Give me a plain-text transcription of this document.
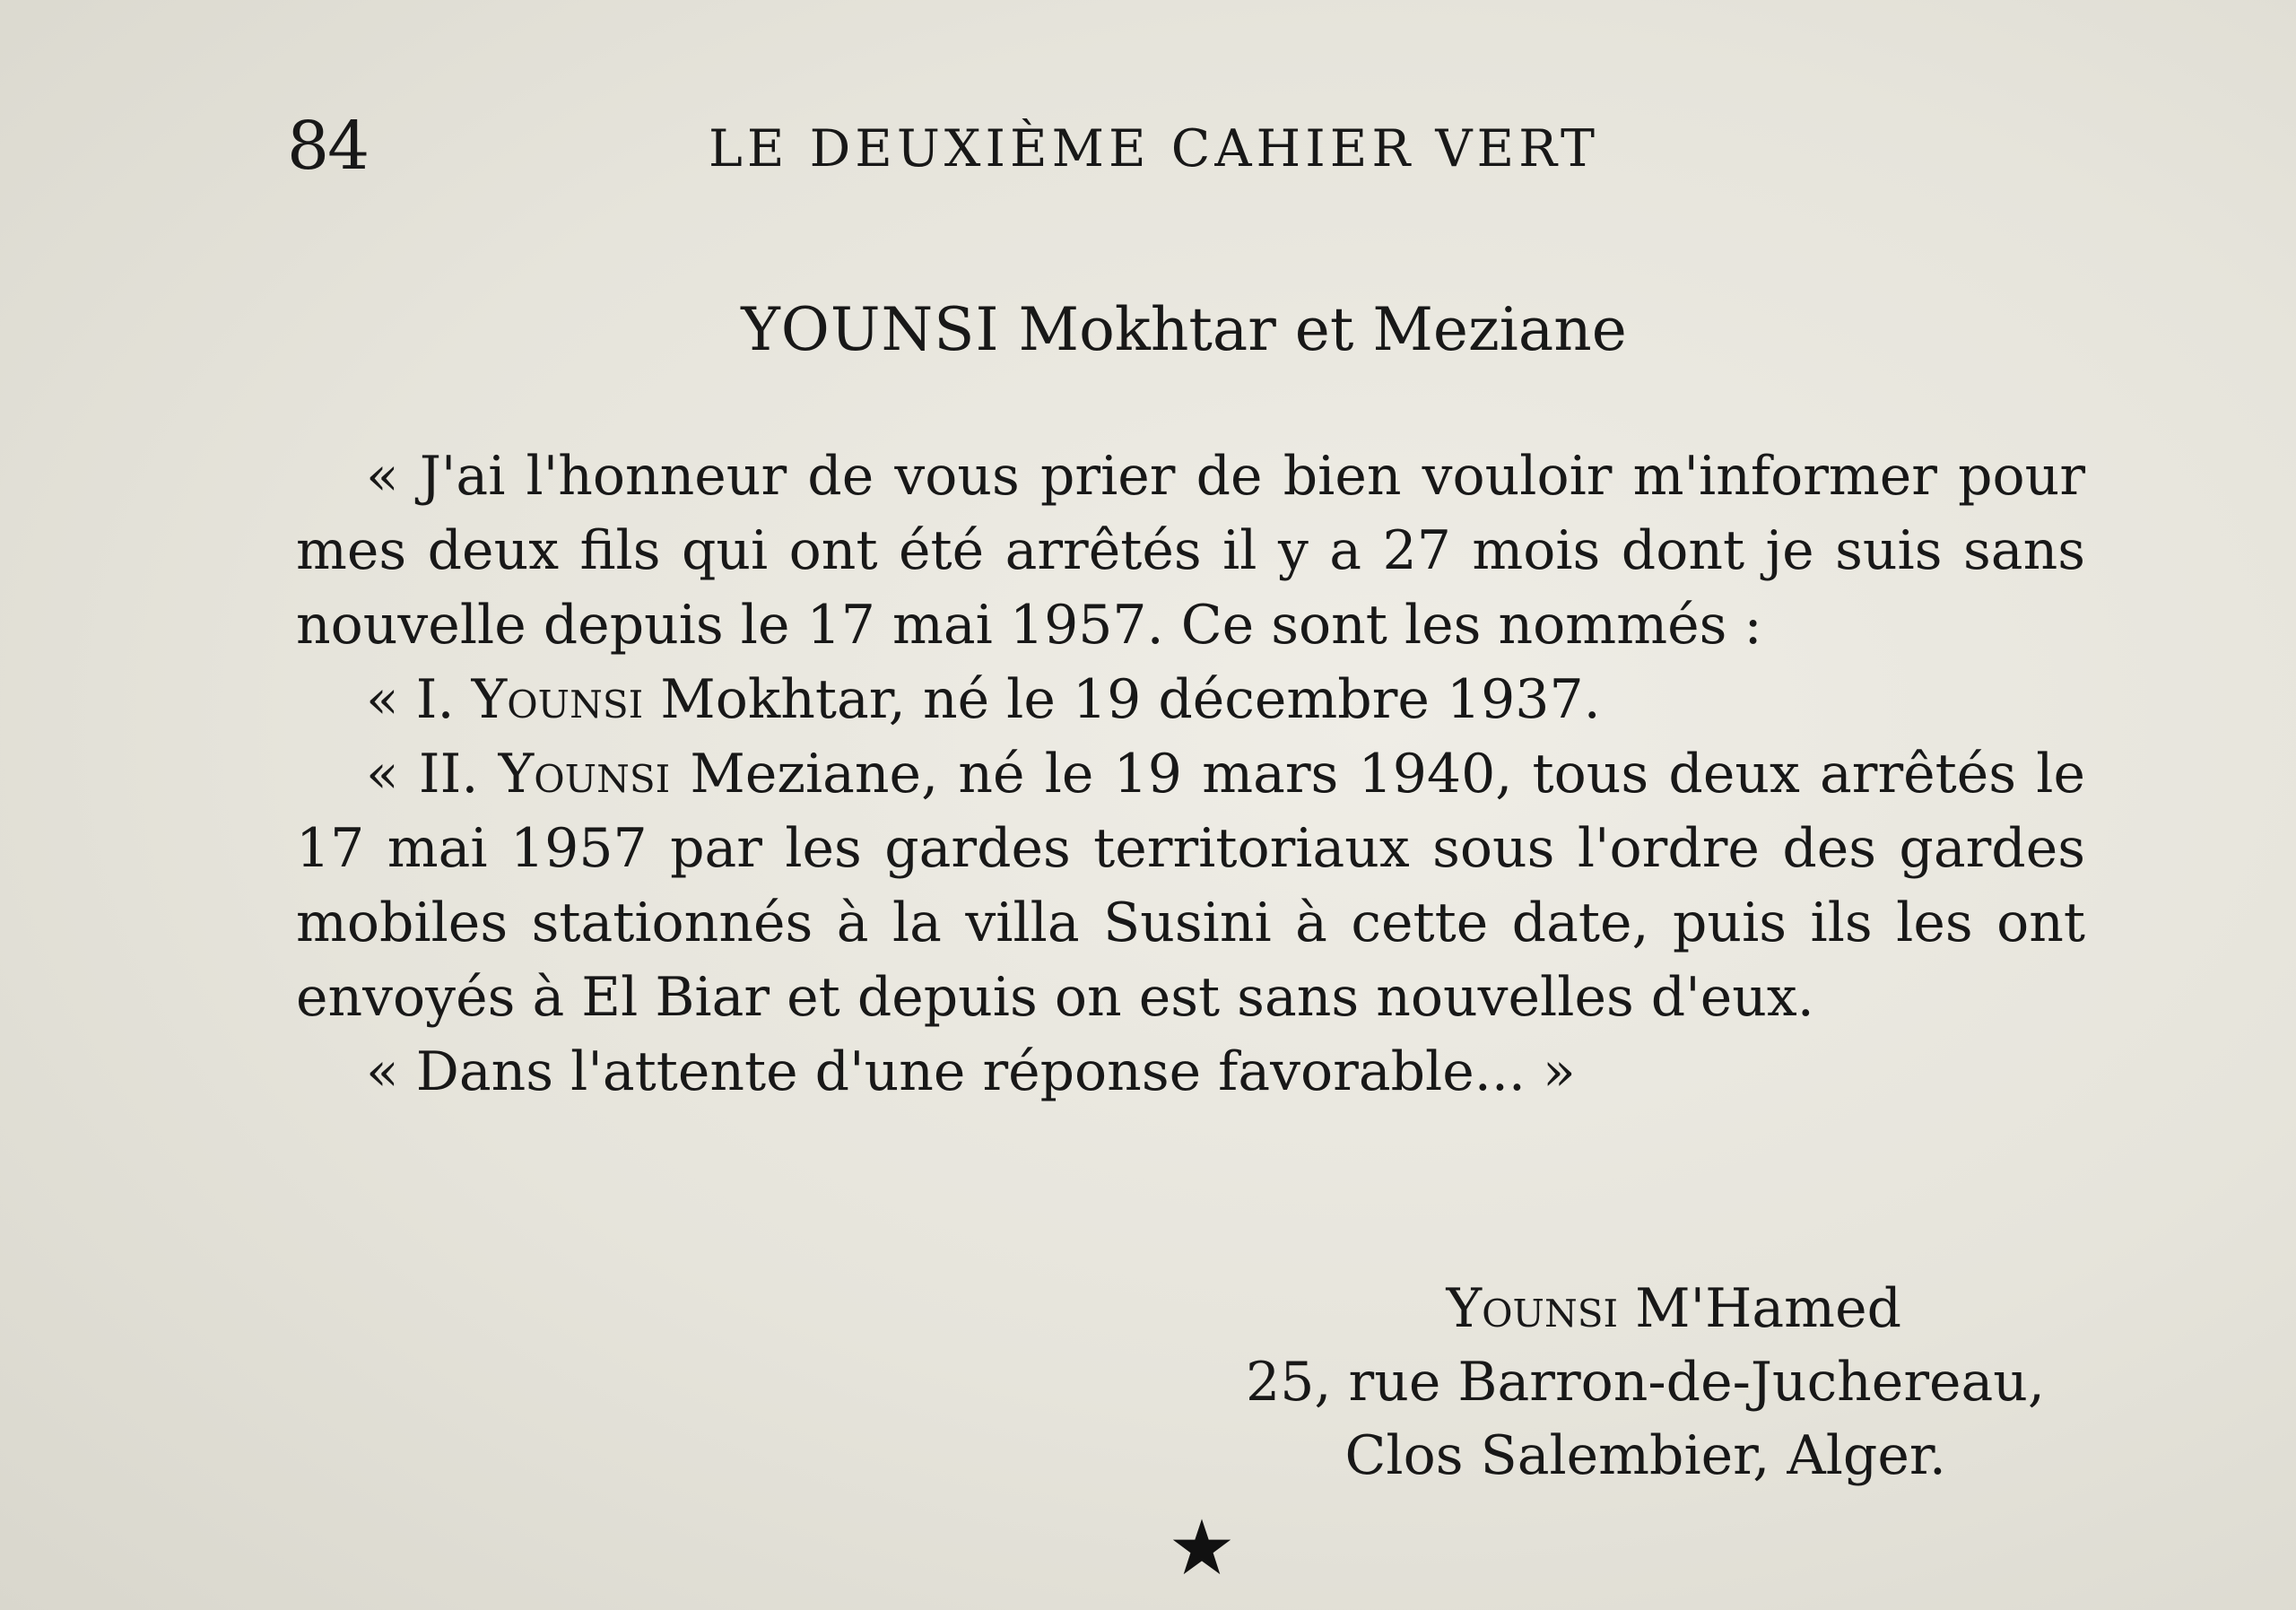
84	LE DEUXIÈME CAHIER VERT
YOUNSI Mokhtar et Meziane

« J'ai l'honneur de vous prier de bien vouloir m'informer pour mes deux fils qui ont été arrêtés il y a 27 mois dont je suis sans nouvelle depuis le 17 mai 1957. Ce sont les nommés :

« I. Younsi Mokhtar, né le 19 décembre 1937.

« II. Younsi Meziane, né le 19 mars 1940, tous deux arrêtés le 17 mai 1957 par les gardes territoriaux sous l'ordre des gardes mobiles stationnés à la villa Susini à cette date, puis ils les ont envoyés à El Biar et depuis on est sans nouvelles d'eux.

« Dans l'attente d'une réponse favorable... »

Younsi M'Hamed
25, rue Barron-de-Juchereau,
Clos Salembier, Alger.
